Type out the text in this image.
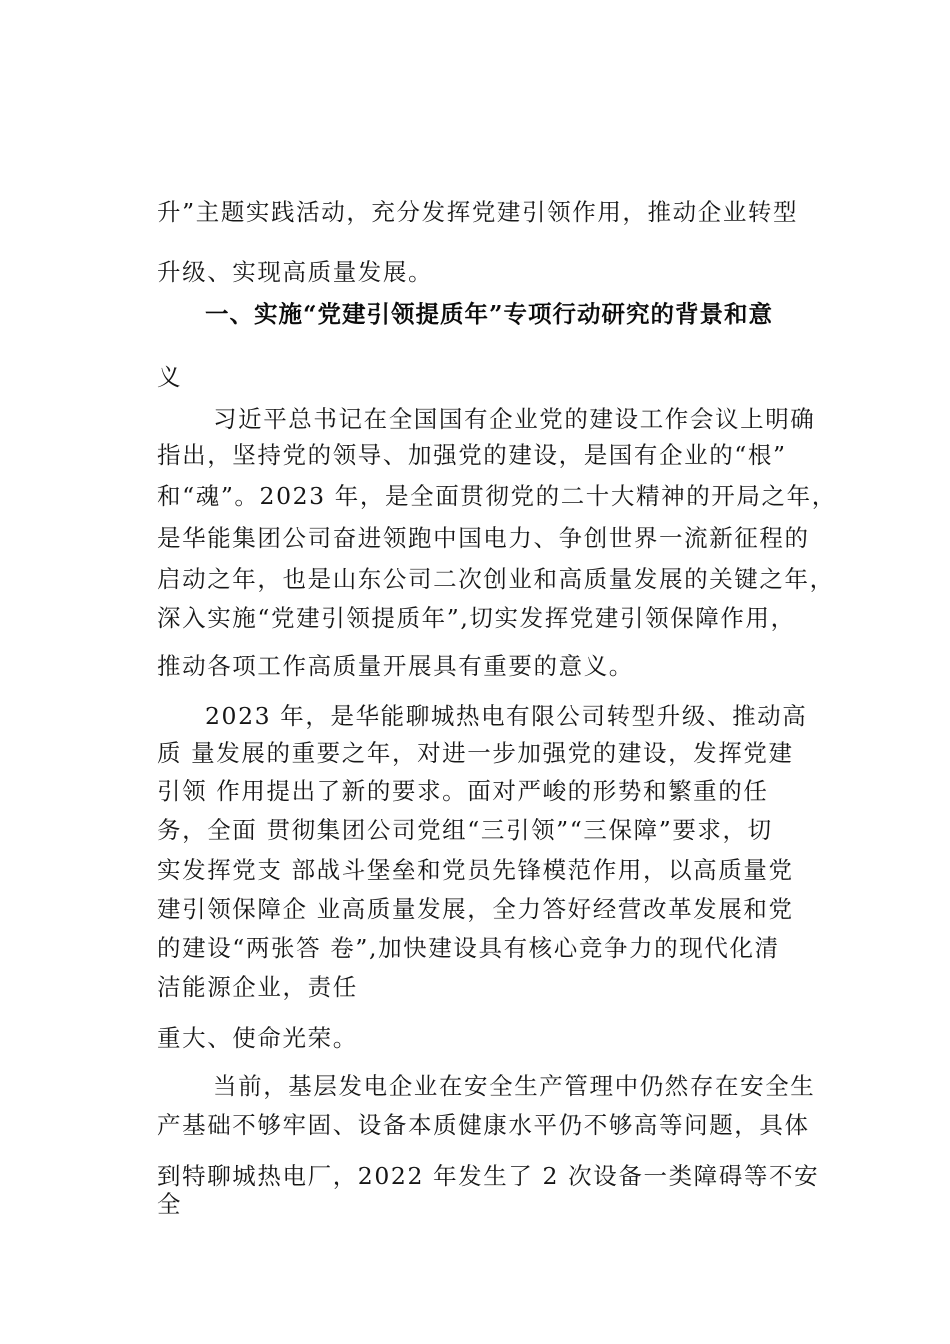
升”主题实践活动，充分发挥党建引领作用，推动企业转型

升级、实现高质量发展。

一、实施“党建引领提质年”专项行动研究的背景和意

义

习近平总书记在全国国有企业党的建设工作会议上明确

指出，坚持党的领导、加强党的建设，是国有企业的“根”

和“魂”。2023 年，是全面贯彻党的二十大精神的开局之年，

是华能集团公司奋进领跑中国电力、争创世界一流新征程的

启动之年，也是山东公司二次创业和高质量发展的关键之年，

深入实施“党建引领提质年”,切实发挥党建引领保障作用，

推动各项工作高质量开展具有重要的意义。

2023 年，是华能聊城热电有限公司转型升级、推动高

质 量发展的重要之年，对进一步加强党的建设，发挥党建

引领 作用提出了新的要求。面对严峻的形势和繁重的任

务，全面 贯彻集团公司党组“三引领”“三保障”要求，切

实发挥党支 部战斗堡垒和党员先锋模范作用，以高质量党

建引领保障企 业高质量发展，全力答好经营改革发展和党

的建设“两张答 卷”,加快建设具有核心竞争力的现代化清

洁能源企业，责任

重大、使命光荣。

当前，基层发电企业在安全生产管理中仍然存在安全生

产基础不够牢固、设备本质健康水平仍不够高等问题，具体

到特聊城热电厂，2022 年发生了 2 次设备一类障碍等不安

全
